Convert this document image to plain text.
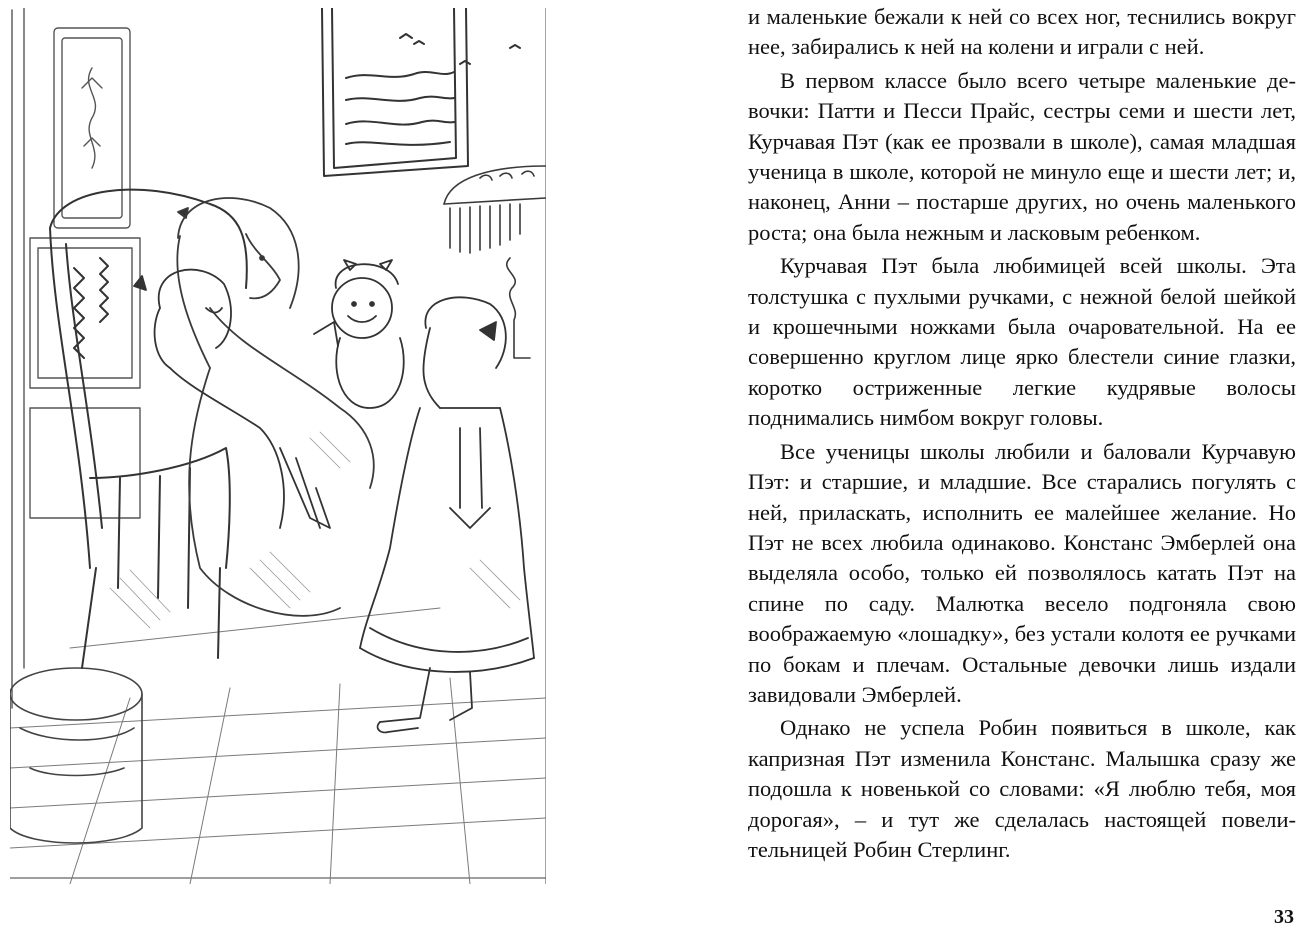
и маленькие бежали к ней со всех ног, теснились вокруг нее, забирались к ней на колени и играли с ней.

В первом классе было всего четыре маленькие девочки: Патти и Песси Прайс, сестры семи и шести лет, Курчавая Пэт (как ее прозвали в школе), самая младшая ученица в школе, которой не минуло еще и шести лет; и, наконец, Анни – постарше других, но очень маленького роста; она была нежным и ласковым ребенком.

Курчавая Пэт была любимицей всей школы. Эта толстушка с пухлыми ручками, с нежной белой шейкой и крошечными ножками была очаровательной. На ее совершенно круглом лице ярко блестели синие глазки, коротко остриженные легкие кудрявые волосы поднимались нимбом вокруг головы.

Все ученицы школы любили и баловали Курчавую Пэт: и старшие, и младшие. Все старались погулять с ней, приласкать, исполнить ее малейшее желание. Но Пэт не всех любила одинаково. Констанс Эмберлей она выделяла особо, только ей позволялось катать Пэт на спине по саду. Малютка весело подгоняла свою воображаемую «лошадку», без устали колотя ее ручками по бокам и плечам. Остальные девочки лишь издали завидовали Эмберлей.

Однако не успела Робин появиться в школе, как капризная Пэт изменила Констанс. Малышка сразу же подошла к новенькой со словами: «Я люблю тебя, моя дорогая», – и тут же сделалась настоящей повелительницей Робин Стерлинг.

33
